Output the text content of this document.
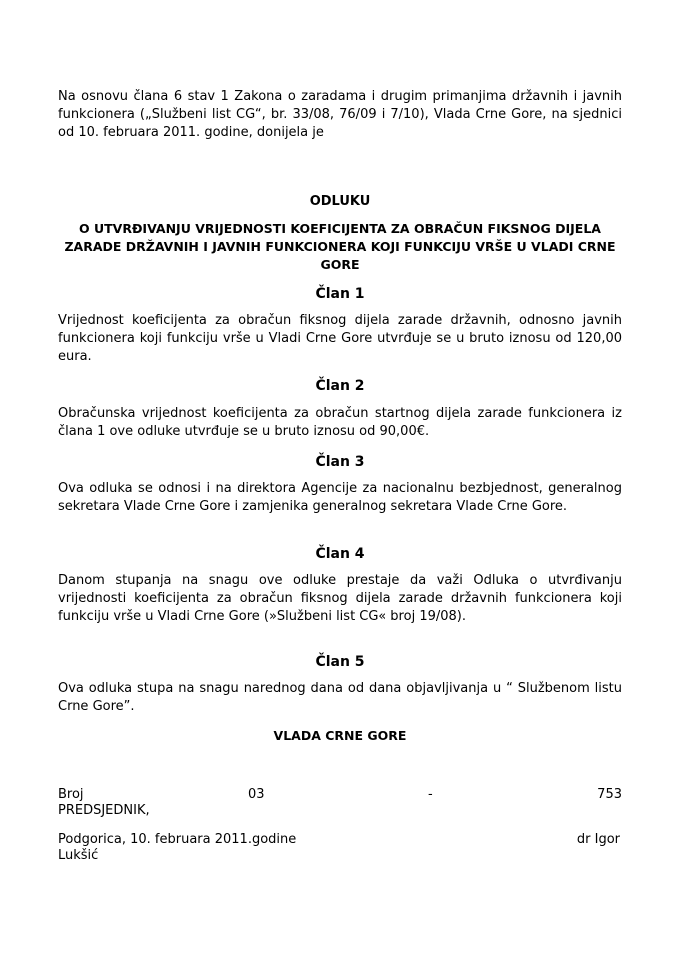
Na osnovu člana 6 stav 1 Zakona o zaradama i drugim primanjima državnih i javnih funkcionera („Službeni list CG“, br. 33/08, 76/09 i 7/10), Vlada Crne Gore, na sjednici od 10. februara 2011. godine, donijela je

ODLUKU

O UTVRĐIVANJU VRIJEDNOSTI KOEFICIJENTA ZA OBRAČUN FIKSNOG DIJELA ZARADE DRŽAVNIH I JAVNIH FUNKCIONERA KOJI FUNKCIJU VRŠE U VLADI CRNE GORE

Član 1

Vrijednost koeficijenta za obračun fiksnog dijela zarade državnih, odnosno javnih funkcionera koji funkciju vrše u Vladi Crne Gore utvrđuje se u bruto iznosu od 120,00 eura.

Član 2

Obračunska vrijednost koeficijenta za obračun startnog dijela zarade funkcionera iz člana 1 ove odluke utvrđuje se u bruto iznosu od 90,00€.

Član 3

Ova odluka se odnosi i na direktora Agencije za nacionalnu bezbjednost, generalnog sekretara Vlade Crne Gore i zamjenika generalnog sekretara Vlade Crne Gore.

Član 4

Danom stupanja na snagu ove odluke prestaje da važi Odluka o utvrđivanju vrijednosti koeficijenta za obračun fiksnog dijela zarade državnih funkcionera koji funkciju vrše u Vladi Crne Gore (»Službeni list CG« broj 19/08).

Član 5

Ova odluka stupa na snagu narednog dana od dana objavljivanja u “ Službenom listu Crne Gore”.

VLADA CRNE GORE

Broj	03	-	753

PREDSJEDNIK,

Podgorica, 10. februara 2011.godine	dr Igor

Lukšić
